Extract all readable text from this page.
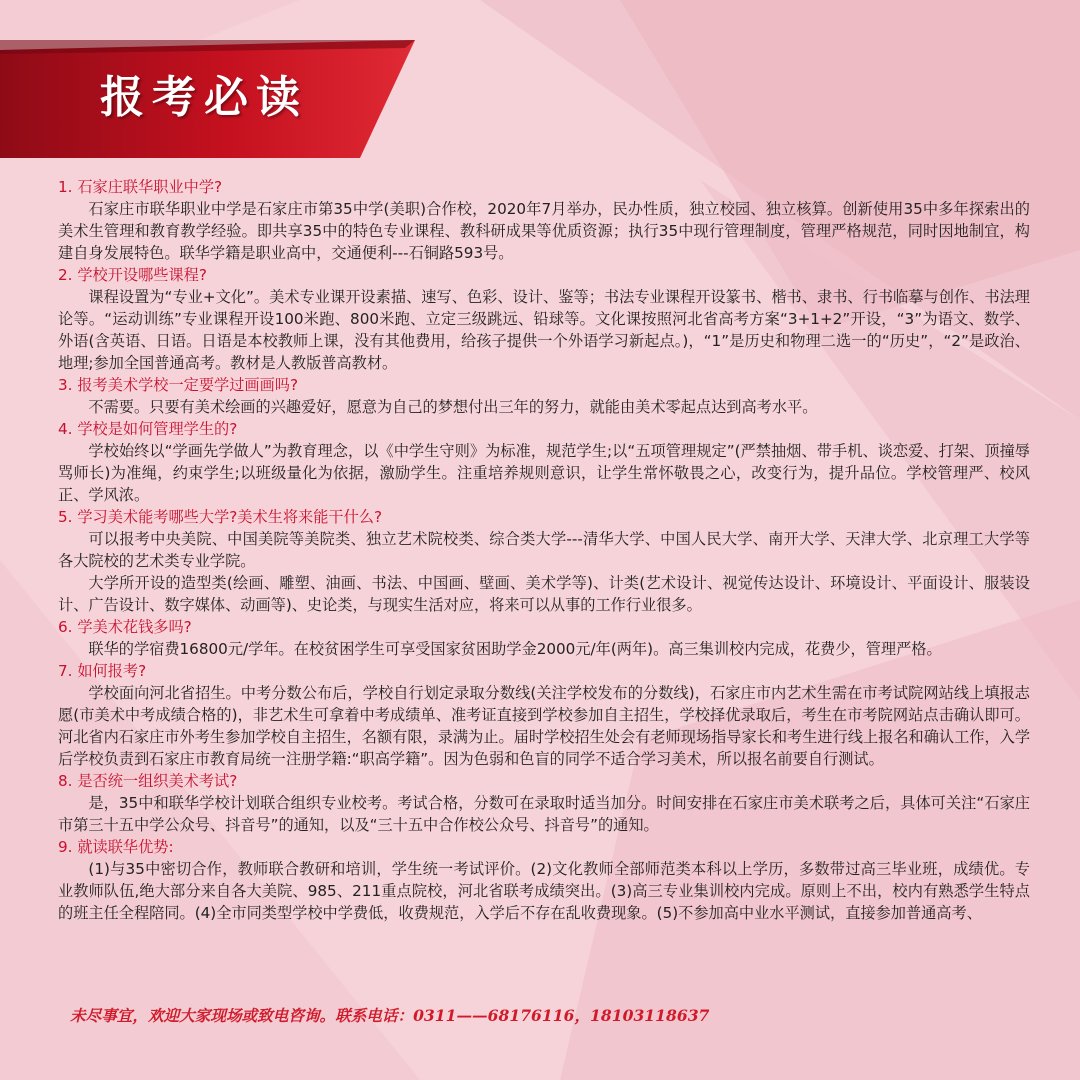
报考必读

1. 石家庄联华职业中学?

石家庄市联华职业中学是石家庄市第35中学(美职)合作校，2020年7月举办，民办性质，独立校园、独立核算。创新使用35中多年探索出的美术生管理和教育教学经验。即共享35中的特色专业课程、教科研成果等优质资源；执行35中现行管理制度，管理严格规范，同时因地制宜，构建自身发展特色。联华学籍是职业高中，交通便利---石铜路593号。

2. 学校开设哪些课程?

课程设置为“专业+文化”。美术专业课开设素描、速写、色彩、设计、鉴等；书法专业课程开设篆书、楷书、隶书、行书临摹与创作、书法理论等。“运动训练”专业课程开设100米跑、800米跑、立定三级跳远、铅球等。文化课按照河北省高考方案“3+1+2”开设，“3”为语文、数学、外语(含英语、日语。日语是本校教师上课，没有其他费用，给孩子提供一个外语学习新起点。)，“1”是历史和物理二选一的“历史”，“2”是政治、地理;参加全国普通高考。教材是人教版普高教材。

3. 报考美术学校一定要学过画画吗?

不需要。只要有美术绘画的兴趣爱好，愿意为自己的梦想付出三年的努力，就能由美术零起点达到高考水平。

4. 学校是如何管理学生的?

学校始终以“学画先学做人”为教育理念，以《中学生守则》为标准，规范学生;以“五项管理规定”(严禁抽烟、带手机、谈恋爱、打架、顶撞辱骂师长)为准绳，约束学生;以班级量化为依据，激励学生。注重培养规则意识，让学生常怀敬畏之心，改变行为，提升品位。学校管理严、校风正、学风浓。

5. 学习美术能考哪些大学?美术生将来能干什么?

可以报考中央美院、中国美院等美院类、独立艺术院校类、综合类大学---清华大学、中国人民大学、南开大学、天津大学、北京理工大学等各大院校的艺术类专业学院。

大学所开设的造型类(绘画、雕塑、油画、书法、中国画、壁画、美术学等)、计类(艺术设计、视觉传达设计、环境设计、平面设计、服装设计、广告设计、数字媒体、动画等)、史论类，与现实生活对应，将来可以从事的工作行业很多。

6. 学美术花钱多吗?

联华的学宿费16800元/学年。在校贫困学生可享受国家贫困助学金2000元/年(两年)。高三集训校内完成，花费少，管理严格。

7. 如何报考?

学校面向河北省招生。中考分数公布后，学校自行划定录取分数线(关注学校发布的分数线)，石家庄市内艺术生需在市考试院网站线上填报志愿(市美术中考成绩合格的)，非艺术生可拿着中考成绩单、准考证直接到学校参加自主招生，学校择优录取后，考生在市考院网站点击确认即可。河北省内石家庄市外考生参加学校自主招生，名额有限，录满为止。届时学校招生处会有老师现场指导家长和考生进行线上报名和确认工作，入学后学校负责到石家庄市教育局统一注册学籍:“职高学籍”。因为色弱和色盲的同学不适合学习美术，所以报名前要自行测试。

8. 是否统一组织美术考试?

是，35中和联华学校计划联合组织专业校考。考试合格，分数可在录取时适当加分。时间安排在石家庄市美术联考之后，具体可关注“石家庄市第三十五中学公众号、抖音号”的通知，以及“三十五中合作校公众号、抖音号”的通知。

9. 就读联华优势:

(1)与35中密切合作，教师联合教研和培训，学生统一考试评价。(2)文化教师全部师范类本科以上学历，多数带过高三毕业班，成绩优。专业教师队伍,绝大部分来自各大美院、985、211重点院校，河北省联考成绩突出。(3)高三专业集训校内完成。原则上不出，校内有熟悉学生特点的班主任全程陪同。(4)全市同类型学校中学费低，收费规范，入学后不存在乱收费现象。(5)不参加高中业水平测试，直接参加普通高考、

未尽事宜，欢迎大家现场或致电咨询。联系电话：0311——68176116，18103118637
